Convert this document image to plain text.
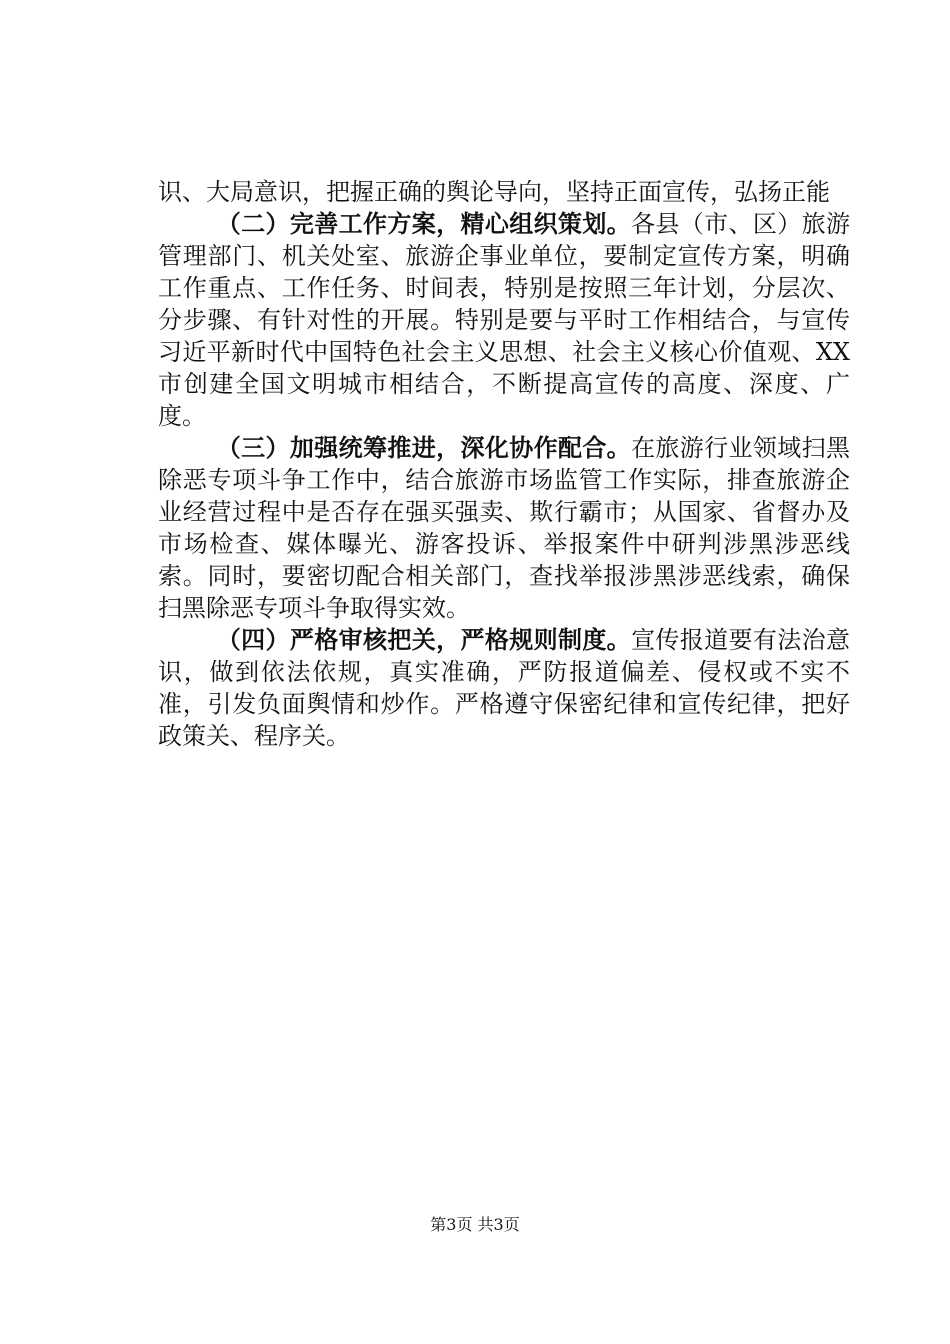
识、大局意识，把握正确的舆论导向，坚持正面宣传，弘扬正能

（二）完善工作方案，精心组织策划。各县（市、区）旅游管理部门、机关处室、旅游企事业单位，要制定宣传方案，明确工作重点、工作任务、时间表，特别是按照三年计划，分层次、分步骤、有针对性的开展。特别是要与平时工作相结合，与宣传习近平新时代中国特色社会主义思想、社会主义核心价值观、XX市创建全国文明城市相结合，不断提高宣传的高度、深度、广度。

（三）加强统筹推进，深化协作配合。在旅游行业领域扫黑除恶专项斗争工作中，结合旅游市场监管工作实际，排查旅游企业经营过程中是否存在强买强卖、欺行霸市；从国家、省督办及市场检查、媒体曝光、游客投诉、举报案件中研判涉黑涉恶线索。同时，要密切配合相关部门，查找举报涉黑涉恶线索，确保扫黑除恶专项斗争取得实效。

（四）严格审核把关，严格规则制度。宣传报道要有法治意识，做到依法依规，真实准确，严防报道偏差、侵权或不实不准，引发负面舆情和炒作。严格遵守保密纪律和宣传纪律，把好政策关、程序关。

第3页 共3页
